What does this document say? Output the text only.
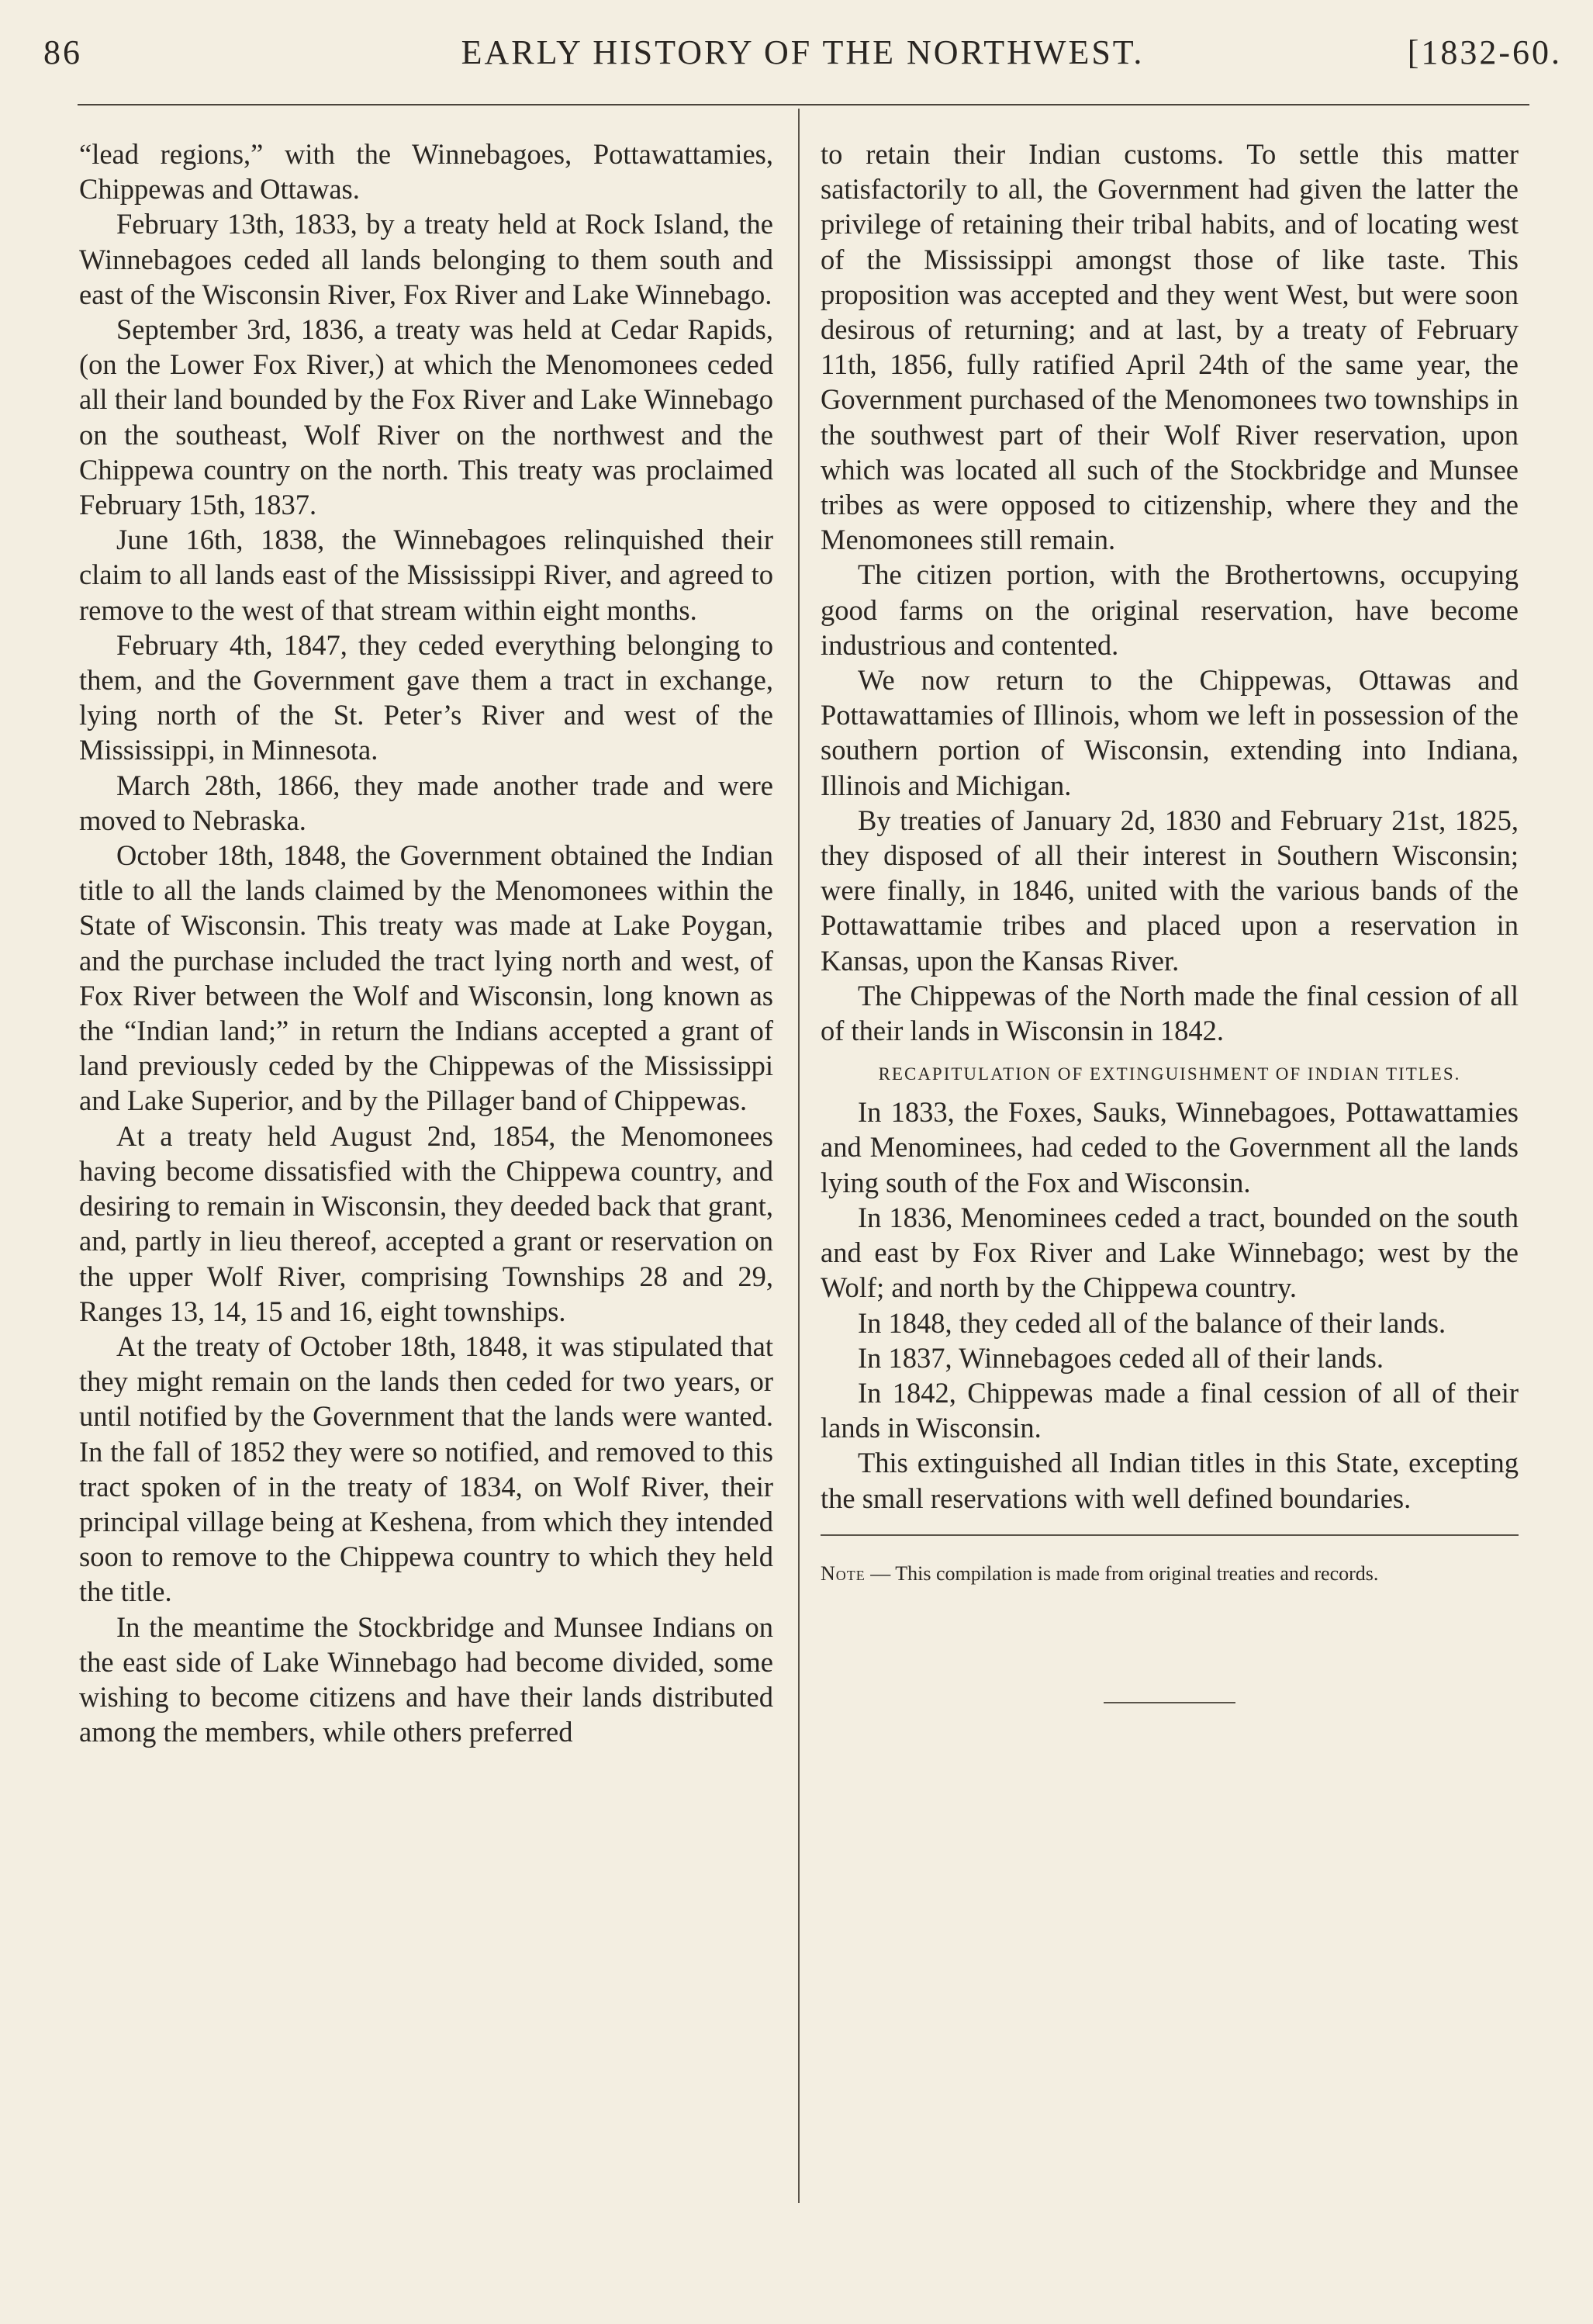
86	EARLY HISTORY OF THE NORTHWEST.	[1832-60.

“lead regions,” with the Winnebagoes, Pottawattamies, Chippewas and Ottawas.

February 13th, 1833, by a treaty held at Rock Island, the Winnebagoes ceded all lands belonging to them south and east of the Wisconsin River, Fox River and Lake Winnebago.

September 3rd, 1836, a treaty was held at Cedar Rapids, (on the Lower Fox River,) at which the Menomonees ceded all their land bounded by the Fox River and Lake Winnebago on the southeast, Wolf River on the northwest and the Chippewa country on the north. This treaty was proclaimed February 15th, 1837.

June 16th, 1838, the Winnebagoes relinquished their claim to all lands east of the Mississippi River, and agreed to remove to the west of that stream within eight months.

February 4th, 1847, they ceded everything belonging to them, and the Government gave them a tract in exchange, lying north of the St. Peter’s River and west of the Mississippi, in Minnesota.

March 28th, 1866, they made another trade and were moved to Nebraska.

October 18th, 1848, the Government obtained the Indian title to all the lands claimed by the Menomonees within the State of Wisconsin. This treaty was made at Lake Poygan, and the purchase included the tract lying north and west, of Fox River between the Wolf and Wisconsin, long known as the “Indian land;” in return the Indians accepted a grant of land previously ceded by the Chippewas of the Mississippi and Lake Superior, and by the Pillager band of Chippewas.

At a treaty held August 2nd, 1854, the Menomonees having become dissatisfied with the Chippewa country, and desiring to remain in Wisconsin, they deeded back that grant, and, partly in lieu thereof, accepted a grant or reservation on the upper Wolf River, comprising Townships 28 and 29, Ranges 13, 14, 15 and 16, eight townships.

At the treaty of October 18th, 1848, it was stipulated that they might remain on the lands then ceded for two years, or until notified by the Government that the lands were wanted. In the fall of 1852 they were so notified, and removed to this tract spoken of in the treaty of 1834, on Wolf River, their principal village being at Keshena, from which they intended soon to remove to the Chippewa country to which they held the title.

In the meantime the Stockbridge and Munsee Indians on the east side of Lake Winnebago had become divided, some wishing to become citizens and have their lands distributed among the members, while others preferred

to retain their Indian customs. To settle this matter satisfactorily to all, the Government had given the latter the privilege of retaining their tribal habits, and of locating west of the Mississippi amongst those of like taste. This proposition was accepted and they went West, but were soon desirous of returning; and at last, by a treaty of February 11th, 1856, fully ratified April 24th of the same year, the Government purchased of the Menomonees two townships in the southwest part of their Wolf River reservation, upon which was located all such of the Stockbridge and Munsee tribes as were opposed to citizenship, where they and the Menomonees still remain.

The citizen portion, with the Brothertowns, occupying good farms on the original reservation, have become industrious and contented.

We now return to the Chippewas, Ottawas and Pottawattamies of Illinois, whom we left in possession of the southern portion of Wisconsin, extending into Indiana, Illinois and Michigan.

By treaties of January 2d, 1830 and February 21st, 1825, they disposed of all their interest in Southern Wisconsin; were finally, in 1846, united with the various bands of the Pottawattamie tribes and placed upon a reservation in Kansas, upon the Kansas River.

The Chippewas of the North made the final cession of all of their lands in Wisconsin in 1842.

RECAPITULATION OF EXTINGUISHMENT OF INDIAN TITLES.

In 1833, the Foxes, Sauks, Winnebagoes, Pottawattamies and Menominees, had ceded to the Government all the lands lying south of the Fox and Wisconsin.

In 1836, Menominees ceded a tract, bounded on the south and east by Fox River and Lake Winnebago; west by the Wolf; and north by the Chippewa country.

In 1848, they ceded all of the balance of their lands.

In 1837, Winnebagoes ceded all of their lands.

In 1842, Chippewas made a final cession of all of their lands in Wisconsin.

This extinguished all Indian titles in this State, excepting the small reservations with well defined boundaries.

Note — This compilation is made from original treaties and records.
